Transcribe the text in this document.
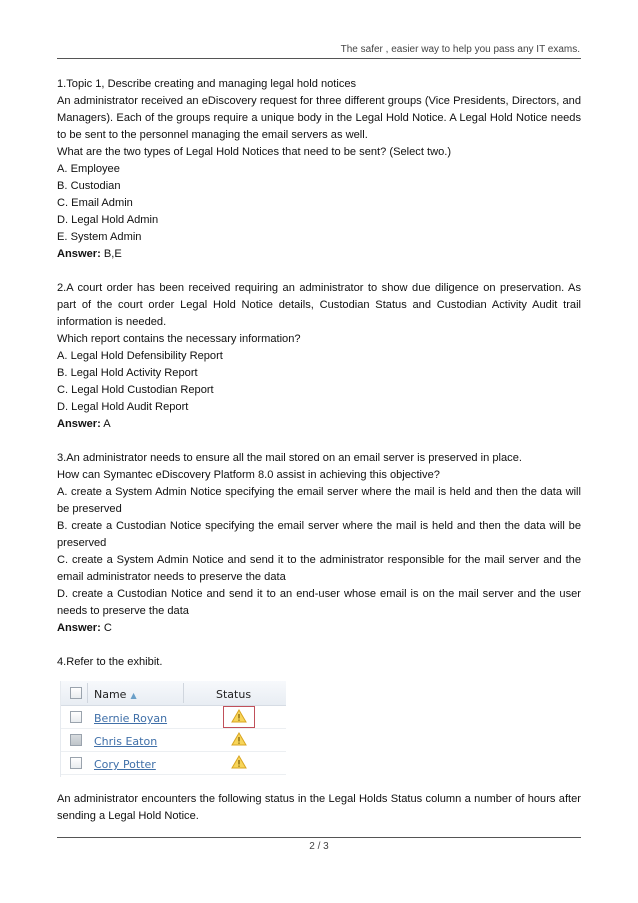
The safer , easier way to help you pass any IT exams.

1.Topic 1, Describe creating and managing legal hold notices

An administrator received an eDiscovery request for three different groups (Vice Presidents, Directors, and Managers). Each of the groups require a unique body in the Legal Hold Notice. A Legal Hold Notice needs to be sent to the personnel managing the email servers as well.

What are the two types of Legal Hold Notices that need to be sent? (Select two.)

A. Employee

B. Custodian

C. Email Admin

D. Legal Hold Admin

E. System Admin

Answer: B,E

2.A court order has been received requiring an administrator to show due diligence on preservation. As part of the court order Legal Hold Notice details, Custodian Status and Custodian Activity Audit trail information is needed.

Which report contains the necessary information?

A. Legal Hold Defensibility Report

B. Legal Hold Activity Report

C. Legal Hold Custodian Report

D. Legal Hold Audit Report

Answer: A

3.An administrator needs to ensure all the mail stored on an email server is preserved in place.

How can Symantec eDiscovery Platform 8.0 assist in achieving this objective?

A. create a System Admin Notice specifying the email server where the mail is held and then the data will be preserved

B. create a Custodian Notice specifying the email server where the mail is held and then the data will be preserved

C. create a System Admin Notice and send it to the administrator responsible for the mail server and the email administrator needs to preserve the data

D. create a Custodian Notice and send it to an end-user whose email is on the mail server and the user needs to preserve the data

Answer: C

4.Refer to the exhibit.

Name ▲	Status
Bernie Royan
Chris Eaton
Cory Potter

An administrator encounters the following status in the Legal Holds Status column a number of hours after sending a Legal Hold Notice.

2 / 3
